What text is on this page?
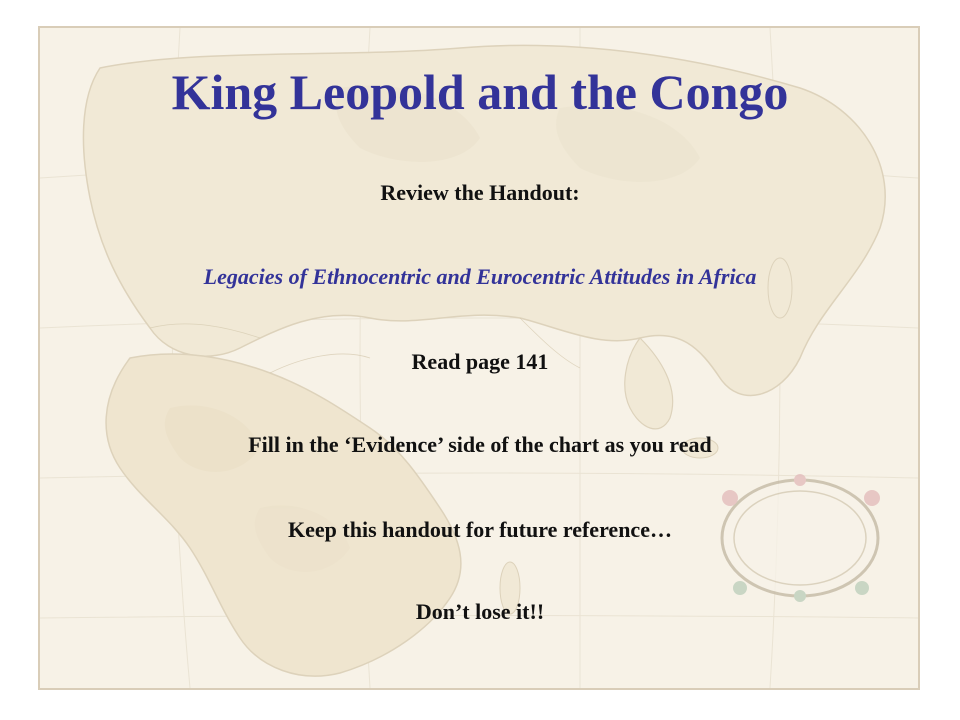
King Leopold and the Congo

Review the Handout:

Legacies of Ethnocentric and Eurocentric Attitudes in Africa

Read page 141

Fill in the ‘Evidence’ side of the chart as you read

Keep this handout for future reference…

Don’t lose it!!
